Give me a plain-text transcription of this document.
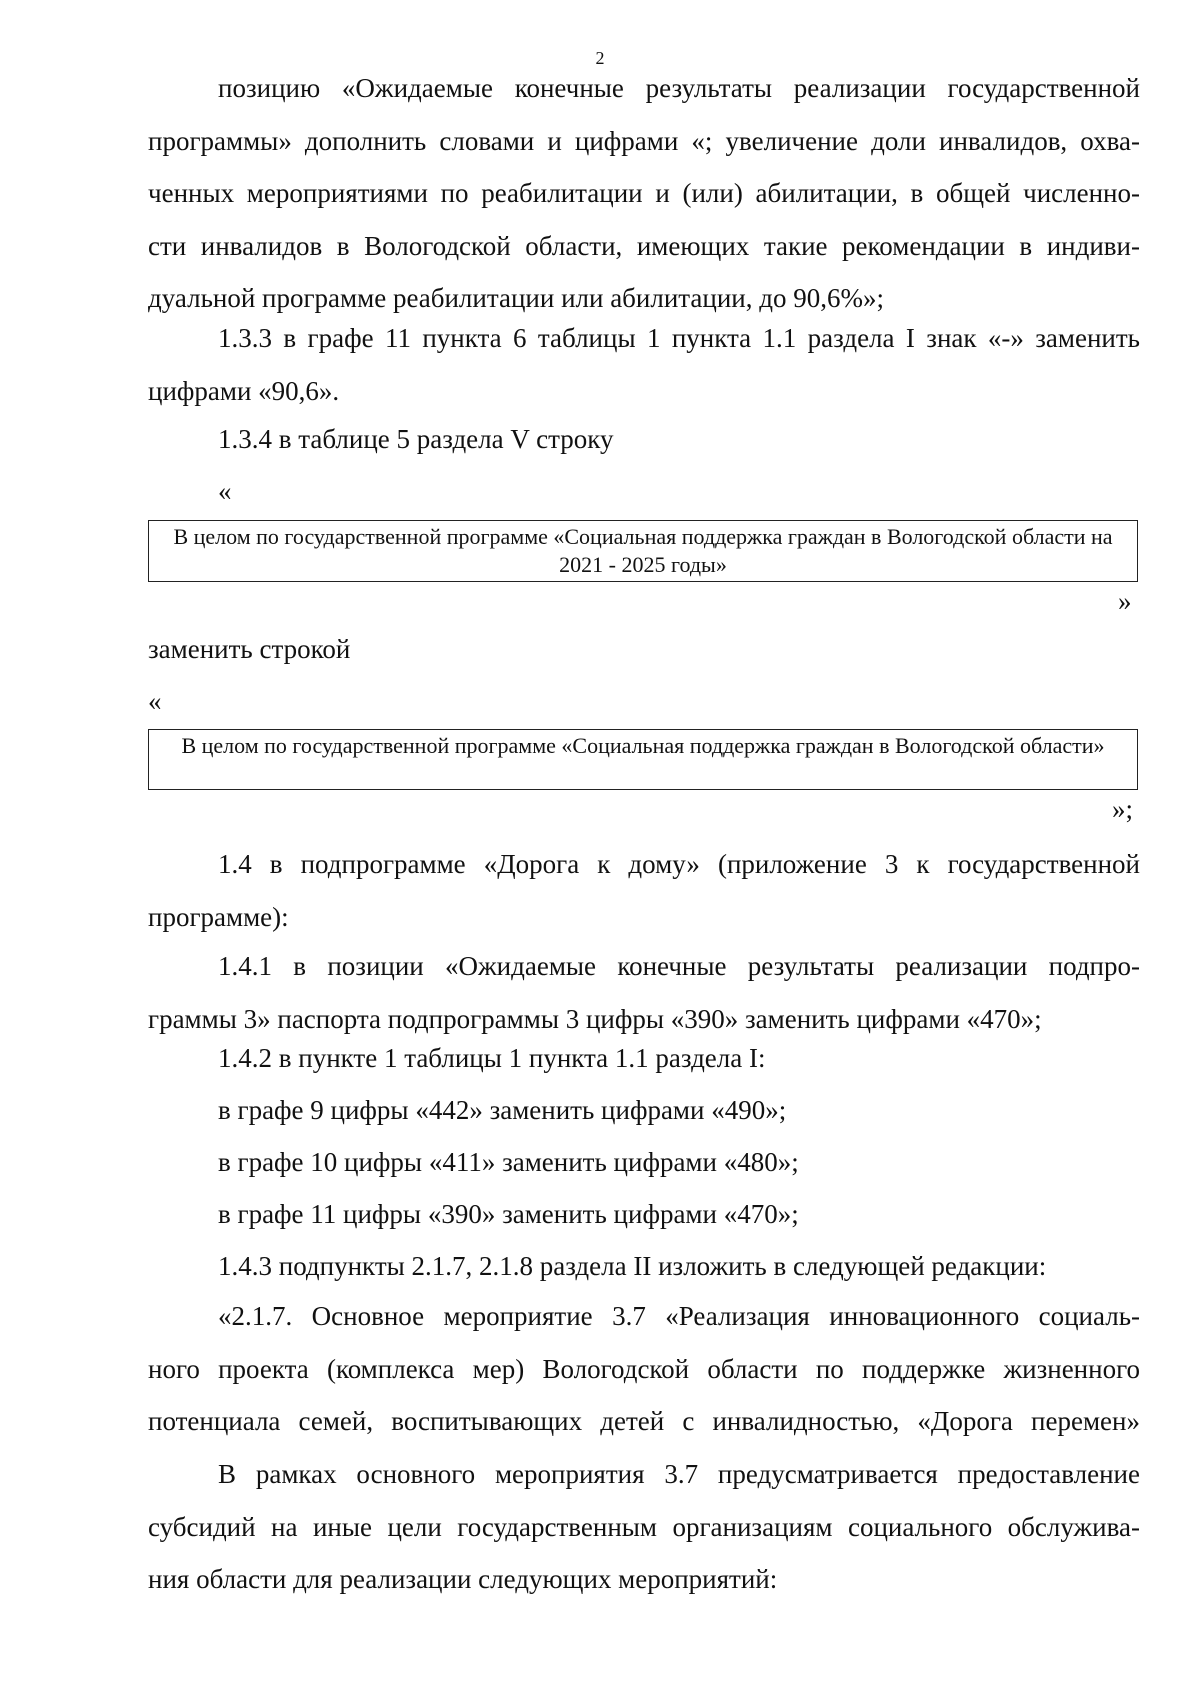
2
позицию «Ожидаемые конечные результаты реализации государственной
программы» дополнить словами и цифрами «; увеличение доли инвалидов, охва-
ченных мероприятиями по реабилитации и (или) абилитации, в общей численно-
сти инвалидов в Вологодской области, имеющих такие рекомендации в индиви-
дуальной программе реабилитации или абилитации, до 90,6%»;
1.3.3 в графе 11 пункта 6 таблицы 1 пункта 1.1 раздела I знак «-» заменить
цифрами «90,6».
1.3.4 в таблице 5 раздела V строку
«
В целом по государственной программе «Социальная поддержка граждан в Вологодской области на 2021 - 2025 годы»
»
заменить строкой
«
В целом по государственной программе «Социальная поддержка граждан в Вологодской области»
»;
1.4 в подпрограмме «Дорога к дому» (приложение 3 к государственной
программе):
1.4.1 в позиции «Ожидаемые конечные результаты реализации подпро-
граммы 3» паспорта подпрограммы 3 цифры «390» заменить цифрами «470»;
1.4.2 в пункте 1 таблицы 1 пункта 1.1 раздела I:
в графе 9 цифры «442» заменить цифрами «490»;
в графе 10 цифры «411» заменить цифрами «480»;
в графе 11 цифры «390» заменить цифрами «470»;
1.4.3 подпункты 2.1.7, 2.1.8 раздела II изложить в следующей редакции:
«2.1.7. Основное мероприятие 3.7 «Реализация инновационного социаль-
ного проекта (комплекса мер) Вологодской области по поддержке жизненного
потенциала семей, воспитывающих детей с инвалидностью, «Дорога перемен»
В рамках основного мероприятия 3.7 предусматривается предоставление
субсидий на иные цели государственным организациям социального обслужива-
ния области для реализации следующих мероприятий:
